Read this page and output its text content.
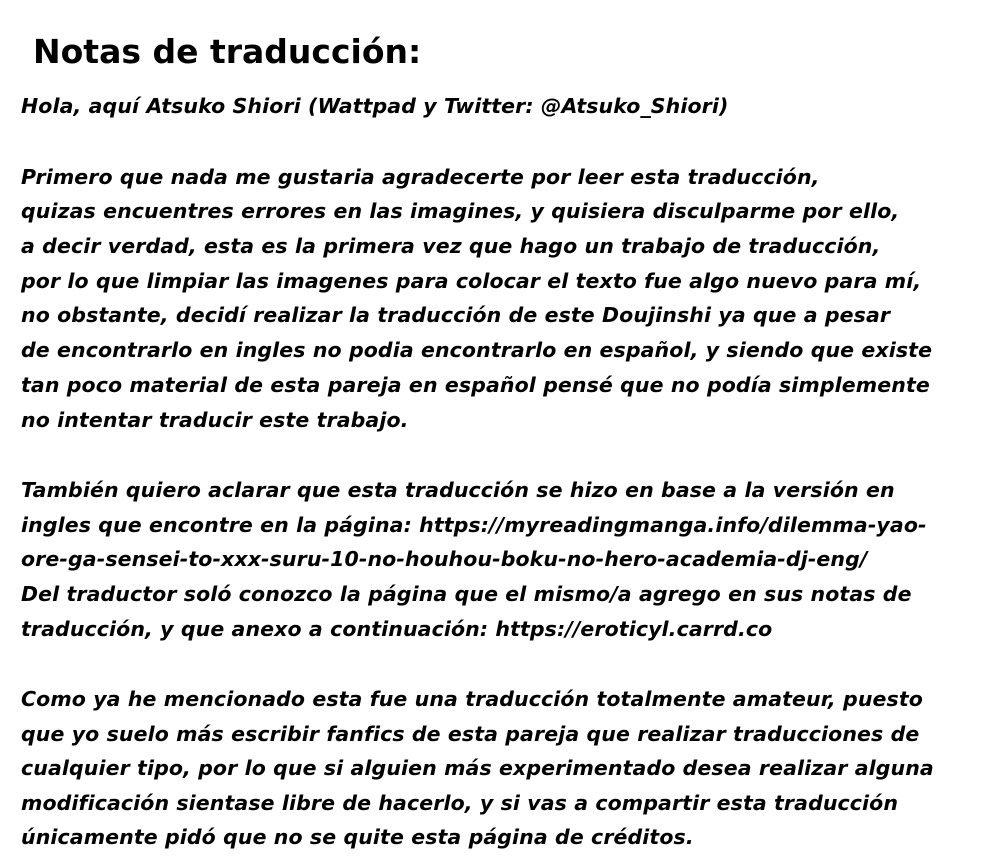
Notas de traducción:

Hola, aquí Atsuko Shiori (Wattpad y Twitter: @Atsuko_Shiori)

Primero que nada me gustaria agradecerte por leer esta traducción,

quizas encuentres errores en las imagines, y quisiera disculparme por ello,

a decir verdad, esta es la primera vez que hago un trabajo de traducción,

por lo que limpiar las imagenes para colocar el texto fue algo nuevo para mí,

no obstante, decidí realizar la traducción de este Doujinshi ya que a pesar

de encontrarlo en ingles no podia encontrarlo en español, y siendo que existe

tan poco material de esta pareja en español pensé que no podía simplemente

no intentar traducir este trabajo.

También quiero aclarar que esta traducción se hizo en base a la versión en

ingles que encontre en la página: https://myreadingmanga.info/dilemma-yao-

ore-ga-sensei-to-xxx-suru-10-no-houhou-boku-no-hero-academia-dj-eng/

Del traductor soló conozco la página que el mismo/a agrego en sus notas de

traducción, y que anexo a continuación: https://eroticyl.carrd.co

Como ya he mencionado esta fue una traducción totalmente amateur, puesto

que yo suelo más escribir fanfics de esta pareja que realizar traducciones de

cualquier tipo, por lo que si alguien más experimentado desea realizar alguna

modificación sientase libre de hacerlo, y si vas a compartir esta traducción

únicamente pidó que no se quite esta página de créditos.
